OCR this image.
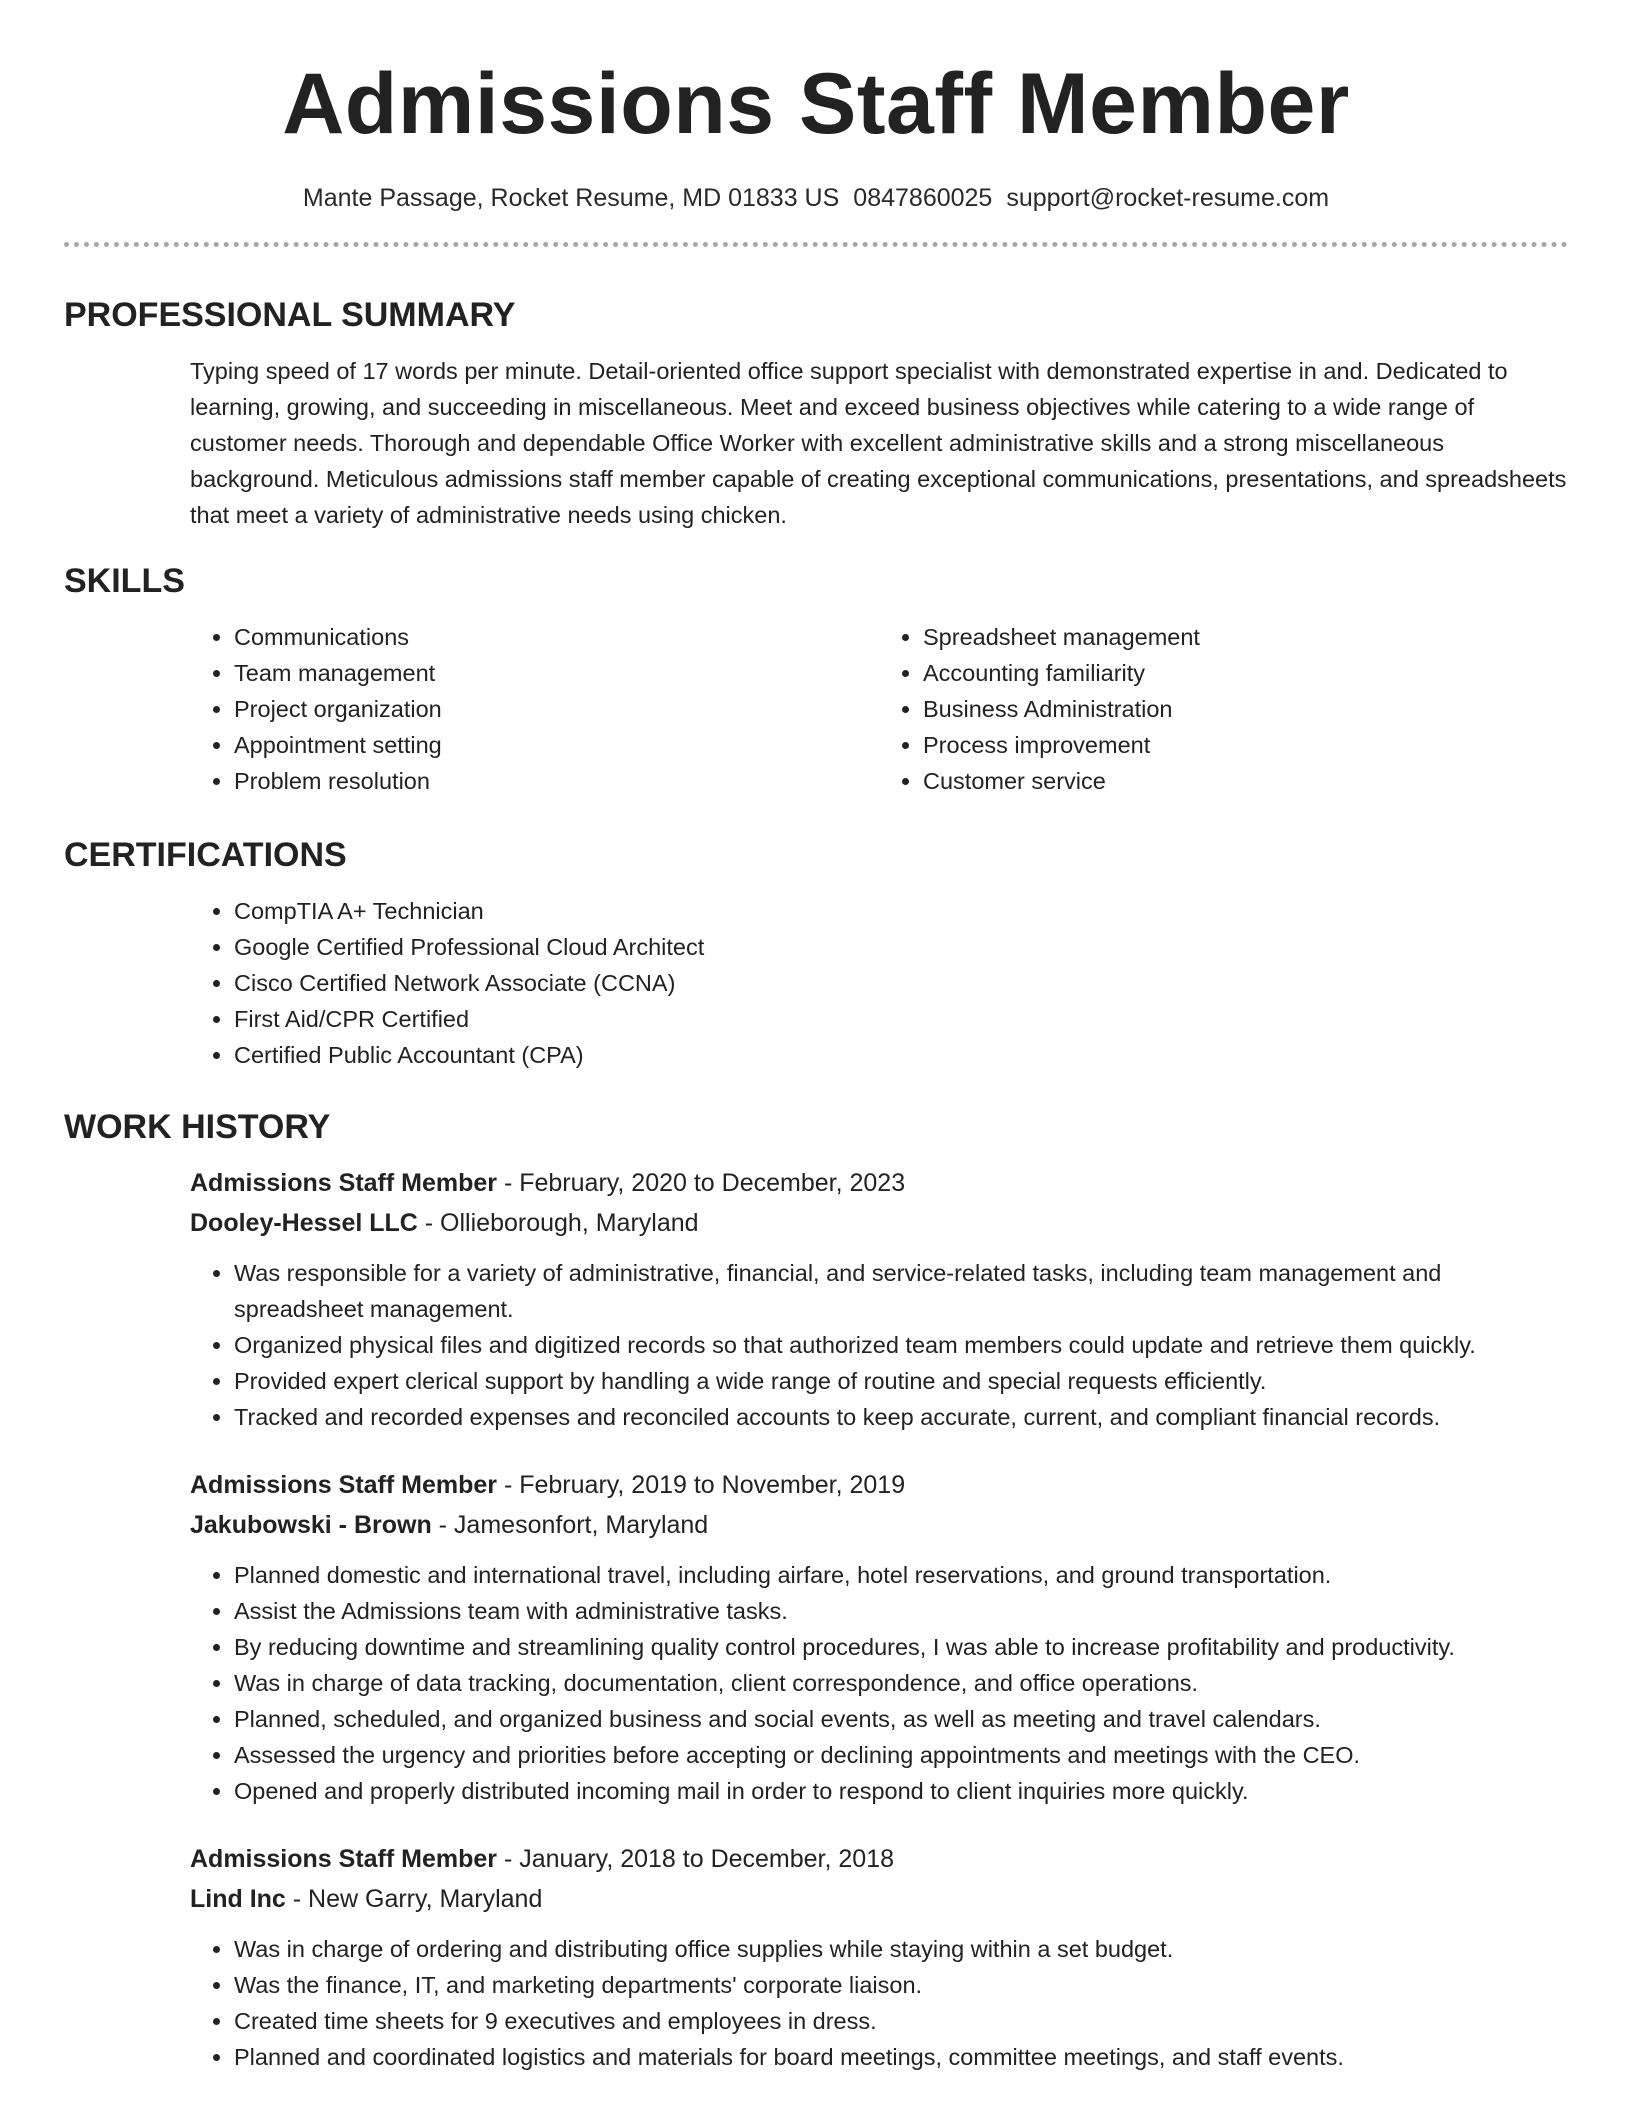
Admissions Staff Member
Mante Passage, Rocket Resume, MD 01833 US 0847860025 support@rocket-resume.com
PROFESSIONAL SUMMARY

Typing speed of 17 words per minute. Detail-oriented office support specialist with demonstrated expertise in and. Dedicated to learning, growing, and succeeding in miscellaneous. Meet and exceed business objectives while catering to a wide range of customer needs. Thorough and dependable Office Worker with excellent administrative skills and a strong miscellaneous background. Meticulous admissions staff member capable of creating exceptional communications, presentations, and spreadsheets that meet a variety of administrative needs using chicken.

SKILLS
• Communications
• Team management
• Project organization
• Appointment setting
• Problem resolution
• Spreadsheet management
• Accounting familiarity
• Business Administration
• Process improvement
• Customer service
CERTIFICATIONS
• CompTIA A+ Technician
• Google Certified Professional Cloud Architect
• Cisco Certified Network Associate (CCNA)
• First Aid/CPR Certified
• Certified Public Accountant (CPA)
WORK HISTORY

Admissions Staff Member - February, 2020 to December, 2023

Dooley-Hessel LLC - Ollieborough, Maryland

• Was responsible for a variety of administrative, financial, and service-related tasks, including team management and spreadsheet management.
• Organized physical files and digitized records so that authorized team members could update and retrieve them quickly.
• Provided expert clerical support by handling a wide range of routine and special requests efficiently.
• Tracked and recorded expenses and reconciled accounts to keep accurate, current, and compliant financial records.

Admissions Staff Member - February, 2019 to November, 2019

Jakubowski - Brown - Jamesonfort, Maryland

• Planned domestic and international travel, including airfare, hotel reservations, and ground transportation.
• Assist the Admissions team with administrative tasks.
• By reducing downtime and streamlining quality control procedures, I was able to increase profitability and productivity.
• Was in charge of data tracking, documentation, client correspondence, and office operations.
• Planned, scheduled, and organized business and social events, as well as meeting and travel calendars.
• Assessed the urgency and priorities before accepting or declining appointments and meetings with the CEO.
• Opened and properly distributed incoming mail in order to respond to client inquiries more quickly.

Admissions Staff Member - January, 2018 to December, 2018

Lind Inc - New Garry, Maryland

• Was in charge of ordering and distributing office supplies while staying within a set budget.
• Was the finance, IT, and marketing departments' corporate liaison.
• Created time sheets for 9 executives and employees in dress.
• Planned and coordinated logistics and materials for board meetings, committee meetings, and staff events.
